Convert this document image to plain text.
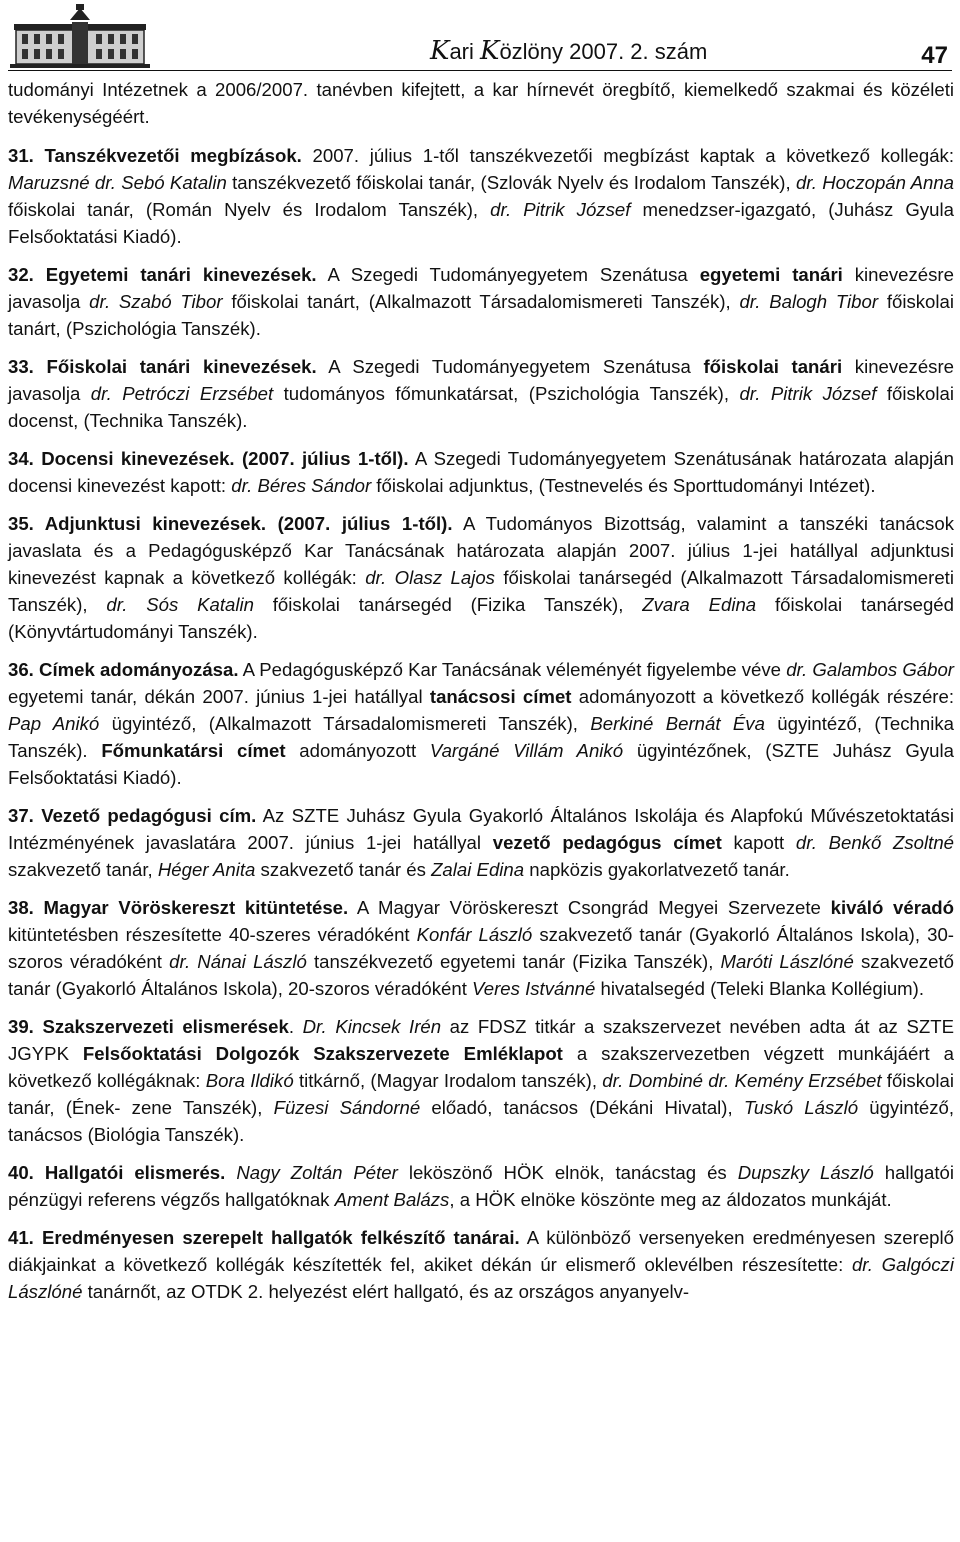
Kari Közlöny 2007. 2. szám	47

tudományi Intézetnek a 2006/2007. tanévben kifejtett, a kar hírnevét öregbítő, kiemelkedő szakmai és közéleti tevékenységéért.

31. Tanszékvezetői megbízások. 2007. július 1-től tanszékvezetői megbízást kaptak a következő kollegák: Maruzsné dr. Sebó Katalin tanszékvezető főiskolai tanár, (Szlovák Nyelv és Irodalom Tanszék), dr. Hoczopán Anna főiskolai tanár, (Román Nyelv és Irodalom Tanszék), dr. Pitrik József menedzser-igazgató, (Juhász Gyula Felsőoktatási Kiadó).

32. Egyetemi tanári kinevezések. A Szegedi Tudományegyetem Szenátusa egyetemi tanári kinevezésre javasolja dr. Szabó Tibor főiskolai tanárt, (Alkalmazott Társadalomismereti Tanszék), dr. Balogh Tibor főiskolai tanárt, (Pszichológia Tanszék).

33. Főiskolai tanári kinevezések. A Szegedi Tudományegyetem Szenátusa főiskolai tanári kinevezésre javasolja dr. Petróczi Erzsébet tudományos főmunkatársat, (Pszichológia Tanszék), dr. Pitrik József főiskolai docenst, (Technika Tanszék).

34. Docensi kinevezések. (2007. július 1-től). A Szegedi Tudományegyetem Szenátusának határozata alapján docensi kinevezést kapott: dr. Béres Sándor főiskolai adjunktus, (Testnevelés és Sporttudományi Intézet).

35. Adjunktusi kinevezések. (2007. július 1-től). A Tudományos Bizottság, valamint a tanszéki tanácsok javaslata és a Pedagógusképző Kar Tanácsának határozata alapján 2007. július 1-jei hatállyal adjunktusi kinevezést kapnak a következő kollégák: dr. Olasz Lajos főiskolai tanársegéd (Alkalmazott Társadalomismereti Tanszék), dr. Sós Katalin főiskolai tanársegéd (Fizika Tanszék), Zvara Edina főiskolai tanársegéd (Könyvtártudományi Tanszék).

36. Címek adományozása. A Pedagógusképző Kar Tanácsának véleményét figyelembe véve dr. Galambos Gábor egyetemi tanár, dékán 2007. június 1-jei hatállyal tanácsosi címet adományozott a következő kollégák részére: Pap Anikó ügyintéző, (Alkalmazott Társadalomismereti Tanszék), Berkiné Bernát Éva ügyintéző, (Technika Tanszék). Főmunkatársi címet adományozott Vargáné Villám Anikó ügyintézőnek, (SZTE Juhász Gyula Felsőoktatási Kiadó).

37. Vezető pedagógusi cím. Az SZTE Juhász Gyula Gyakorló Általános Iskolája és Alapfokú Művészetoktatási Intézményének javaslatára 2007. június 1-jei hatállyal vezető pedagógus címet kapott dr. Benkő Zsoltné szakvezető tanár, Héger Anita szakvezető tanár és Zalai Edina napközis gyakorlatvezető tanár.

38. Magyar Vöröskereszt kitüntetése. A Magyar Vöröskereszt Csongrád Megyei Szervezete kiváló véradó kitüntetésben részesítette 40-szeres véradóként Konfár László szakvezető tanár (Gyakorló Általános Iskola), 30-szoros véradóként dr. Nánai László tanszékvezető egyetemi tanár (Fizika Tanszék), Maróti Lászlóné szakvezető tanár (Gyakorló Általános Iskola), 20-szoros véradóként Veres Istvánné hivatalsegéd (Teleki Blanka Kollégium).

39. Szakszervezeti elismerések. Dr. Kincsek Irén az FDSZ titkár a szakszervezet nevében adta át az SZTE JGYPK Felsőoktatási Dolgozók Szakszervezete Emléklapot a szakszervezetben végzett munkájáért a következő kollégáknak: Bora Ildikó titkárnő, (Magyar Irodalom tanszék), dr. Dombiné dr. Kemény Erzsébet főiskolai tanár, (Ének- zene Tanszék), Füzesi Sándorné előadó, tanácsos (Dékáni Hivatal), Tuskó László ügyintéző, tanácsos (Biológia Tanszék).

40. Hallgatói elismerés. Nagy Zoltán Péter leköszönő HÖK elnök, tanácstag és Dupszky László hallgatói pénzügyi referens végzős hallgatóknak Ament Balázs, a HÖK elnöke köszönte meg az áldozatos munkáját.

41. Eredményesen szerepelt hallgatók felkészítő tanárai. A különböző versenyeken eredményesen szereplő diákjainkat a következő kollégák készítették fel, akiket dékán úr elismerő oklevélben részesítette: dr. Galgóczi Lászlóné tanárnőt, az OTDK 2. helyezést elért hallgató, és az országos anyanyelv-
